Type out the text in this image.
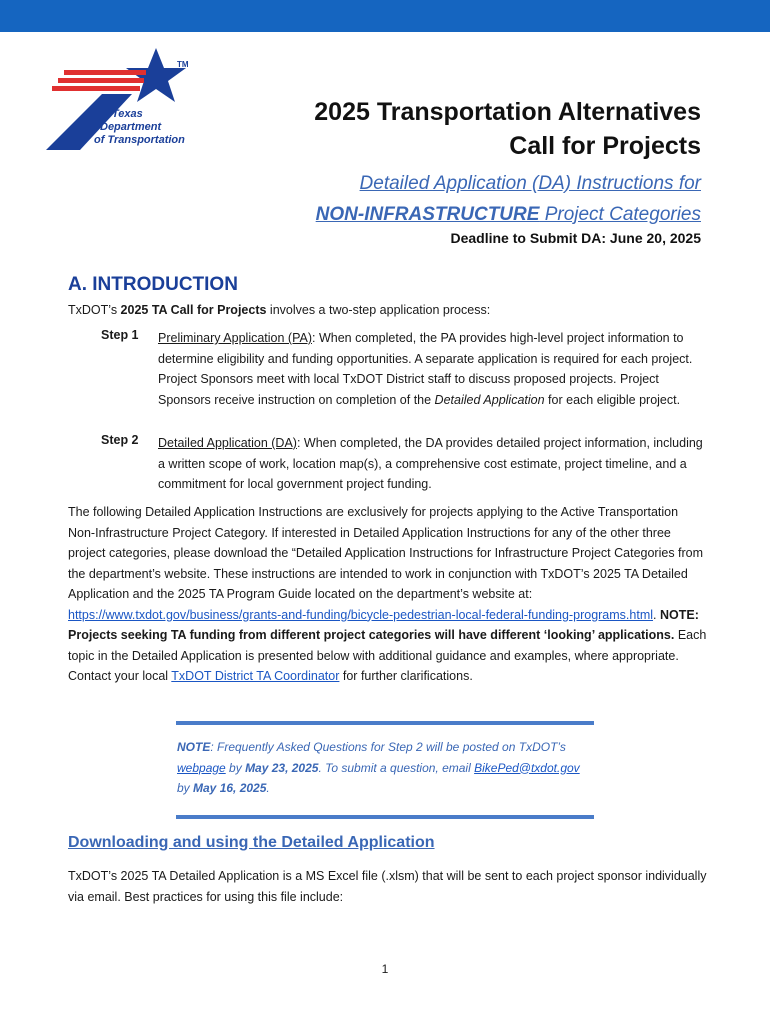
TM
Texas
Department
of Transportation
2025 Transportation Alternatives
Call for Projects
Detailed Application (DA) Instructions for
NON-INFRASTRUCTURE Project Categories
Deadline to Submit DA: June 20, 2025
A. INTRODUCTION
TxDOT’s 2025 TA Call for Projects involves a two-step application process:
Step 1 Preliminary Application (PA): When completed, the PA provides high-level project information to determine eligibility and funding opportunities. A separate application is required for each project. Project Sponsors meet with local TxDOT District staff to discuss proposed projects. Project Sponsors receive instruction on completion of the Detailed Application for each eligible project.
Step 2 Detailed Application (DA): When completed, the DA provides detailed project information, including a written scope of work, location map(s), a comprehensive cost estimate, project timeline, and a commitment for local government project funding.
The following Detailed Application Instructions are exclusively for projects applying to the Active Transportation Non-Infrastructure Project Category. If interested in Detailed Application Instructions for any of the other three project categories, please download the “Detailed Application Instructions for Infrastructure Project Categories from the department’s website. These instructions are intended to work in conjunction with TxDOT’s 2025 TA Detailed Application and the 2025 TA Program Guide located on the department’s website at: https://www.txdot.gov/business/grants-and-funding/bicycle-pedestrian-local-federal-funding-programs.html. NOTE: Projects seeking TA funding from different project categories will have different ‘looking’ applications. Each topic in the Detailed Application is presented below with additional guidance and examples, where appropriate. Contact your local TxDOT District TA Coordinator for further clarifications.
NOTE: Frequently Asked Questions for Step 2 will be posted on TxDOT’s webpage by May 23, 2025. To submit a question, email BikePed@txdot.gov by May 16, 2025.
Downloading and using the Detailed Application
TxDOT’s 2025 TA Detailed Application is a MS Excel file (.xlsm) that will be sent to each project sponsor individually via email. Best practices for using this file include:
1
